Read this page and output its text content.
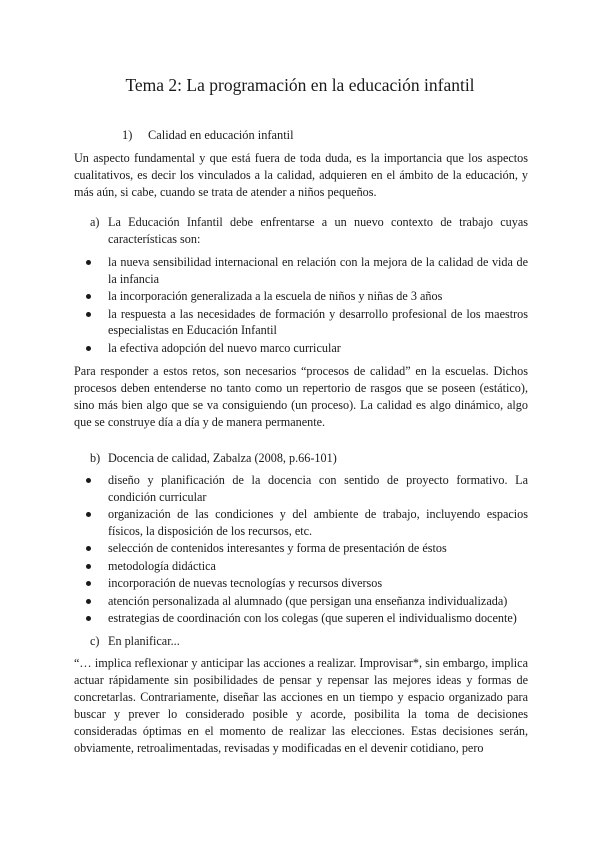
Tema 2: La programación en la educación infantil
1) Calidad en educación infantil

Un aspecto fundamental y que está fuera de toda duda, es la importancia que los aspectos cualitativos, es decir los vinculados a la calidad, adquieren en el ámbito de la educación, y más aún, si cabe, cuando se trata de atender a niños pequeños.

a) La Educación Infantil debe enfrentarse a un nuevo contexto de trabajo cuyas características son:
la nueva sensibilidad internacional en relación con la mejora de la calidad de vida de la infancia
la incorporación generalizada a la escuela de niños y niñas de 3 años
la respuesta a las necesidades de formación y desarrollo profesional de los maestros especialistas en Educación Infantil
la efectiva adopción del nuevo marco curricular

Para responder a estos retos, son necesarios “procesos de calidad” en la escuelas. Dichos procesos deben entenderse no tanto como un repertorio de rasgos que se poseen (estático), sino más bien algo que se va consiguiendo (un proceso). La calidad es algo dinámico, algo que se construye día a día y de manera permanente.

b) Docencia de calidad, Zabalza (2008, p.66-101)
diseño y planificación de la docencia con sentido de proyecto formativo. La condición curricular
organización de las condiciones y del ambiente de trabajo, incluyendo espacios físicos, la disposición de los recursos, etc.
selección de contenidos interesantes y forma de presentación de éstos
metodología didáctica
incorporación de nuevas tecnologías y recursos diversos
atención personalizada al alumnado (que persigan una enseñanza individualizada)
estrategias de coordinación con los colegas (que superen el individualismo docente)
c) En planificar...

“… implica reflexionar y anticipar las acciones a realizar. Improvisar*, sin embargo, implica actuar rápidamente sin posibilidades de pensar y repensar las mejores ideas y formas de concretarlas. Contrariamente, diseñar las acciones en un tiempo y espacio organizado para buscar y prever lo considerado posible y acorde, posibilita la toma de decisiones consideradas óptimas en el momento de realizar las elecciones. Estas decisiones serán, obviamente, retroalimentadas, revisadas y modificadas en el devenir cotidiano, pero
